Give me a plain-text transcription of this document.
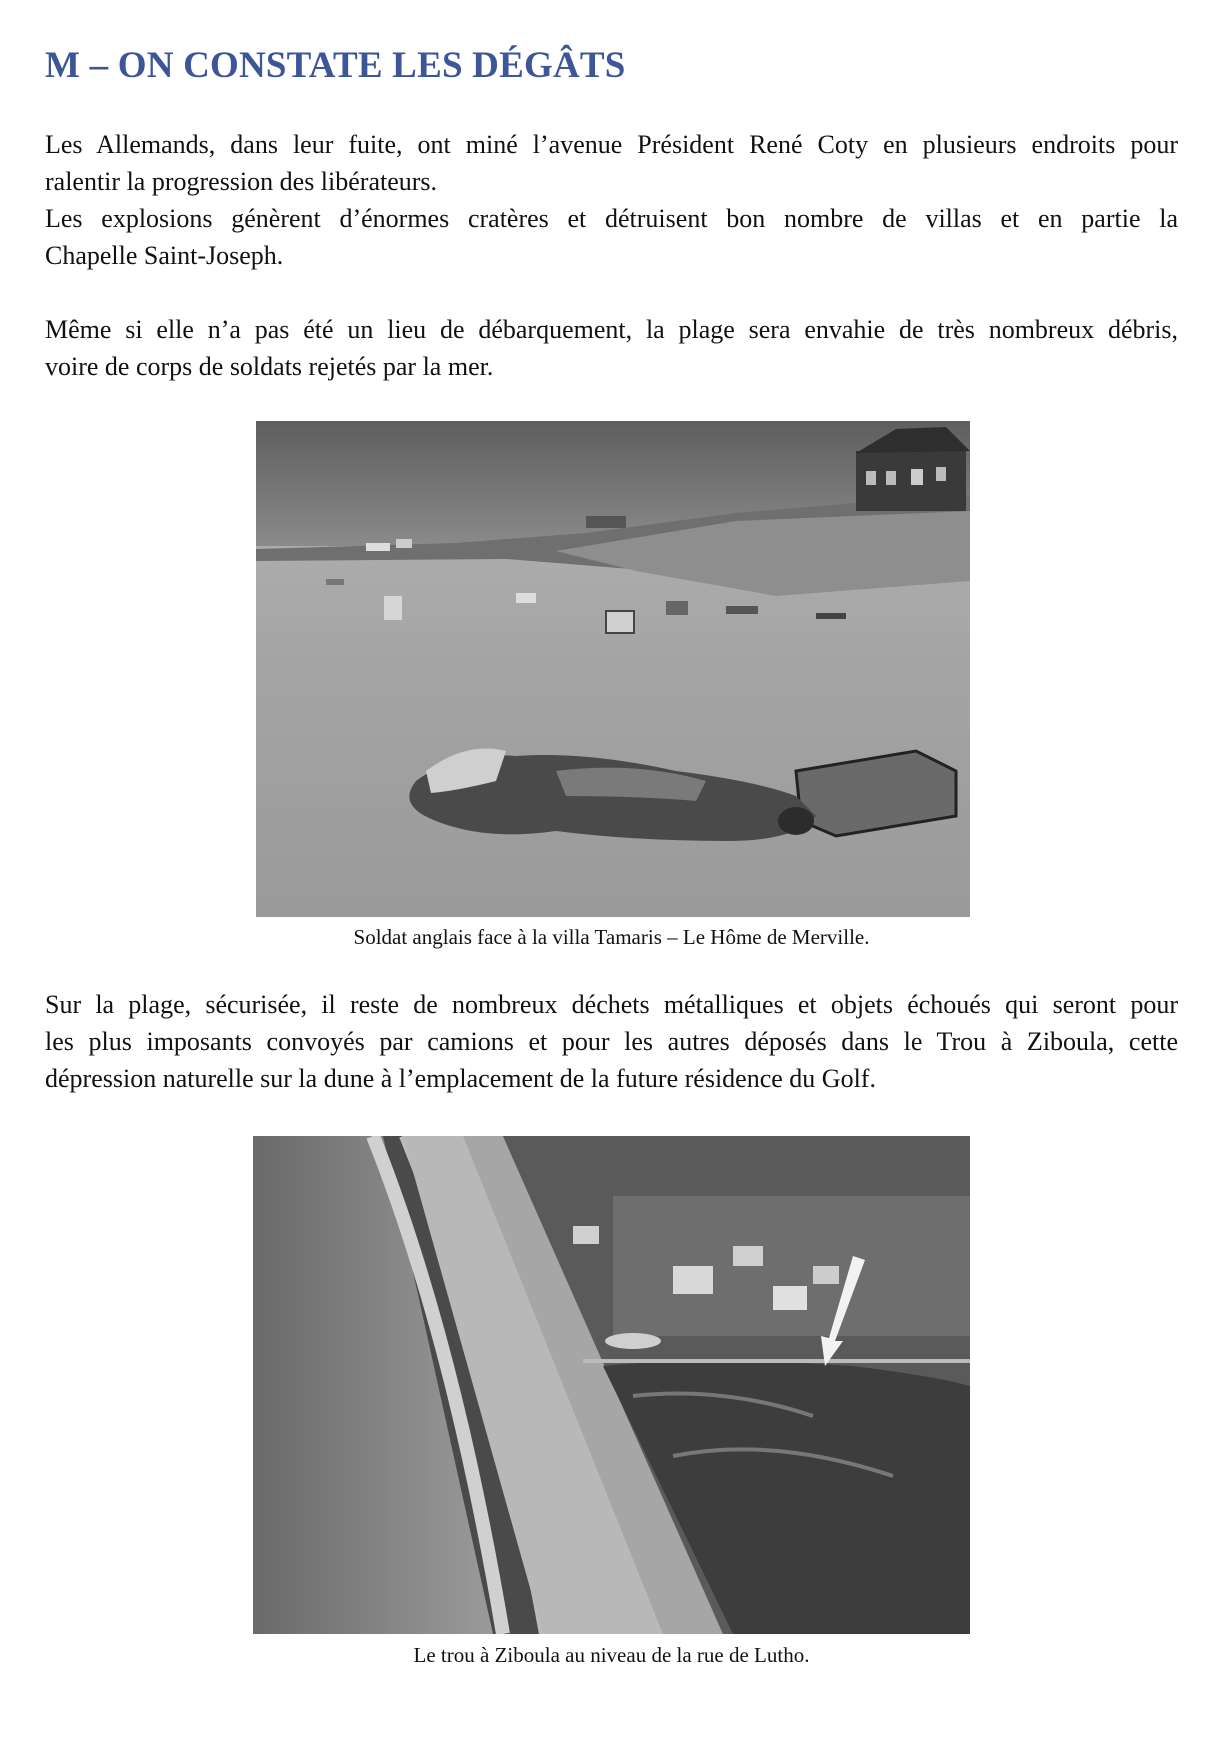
M – ON CONSTATE LES DÉGÂTS

Les Allemands, dans leur fuite, ont miné l’avenue Président René Coty en plusieurs endroits pour
ralentir la progression des libérateurs.
Les explosions génèrent d’énormes cratères et détruisent bon nombre de villas et en partie la
Chapelle Saint-Joseph.

Même si elle n’a pas été un lieu de débarquement, la plage sera envahie de très nombreux débris,
voire de corps de soldats rejetés par la mer.

Soldat anglais face à la villa Tamaris – Le Hôme de Merville.

Sur la plage, sécurisée, il reste de nombreux déchets métalliques et objets échoués qui seront pour
les plus imposants convoyés par camions et pour les autres déposés dans le Trou à Ziboula, cette
dépression naturelle sur la dune à l’emplacement de la future résidence du Golf.

Le trou à Ziboula au niveau de la rue de Lutho.
